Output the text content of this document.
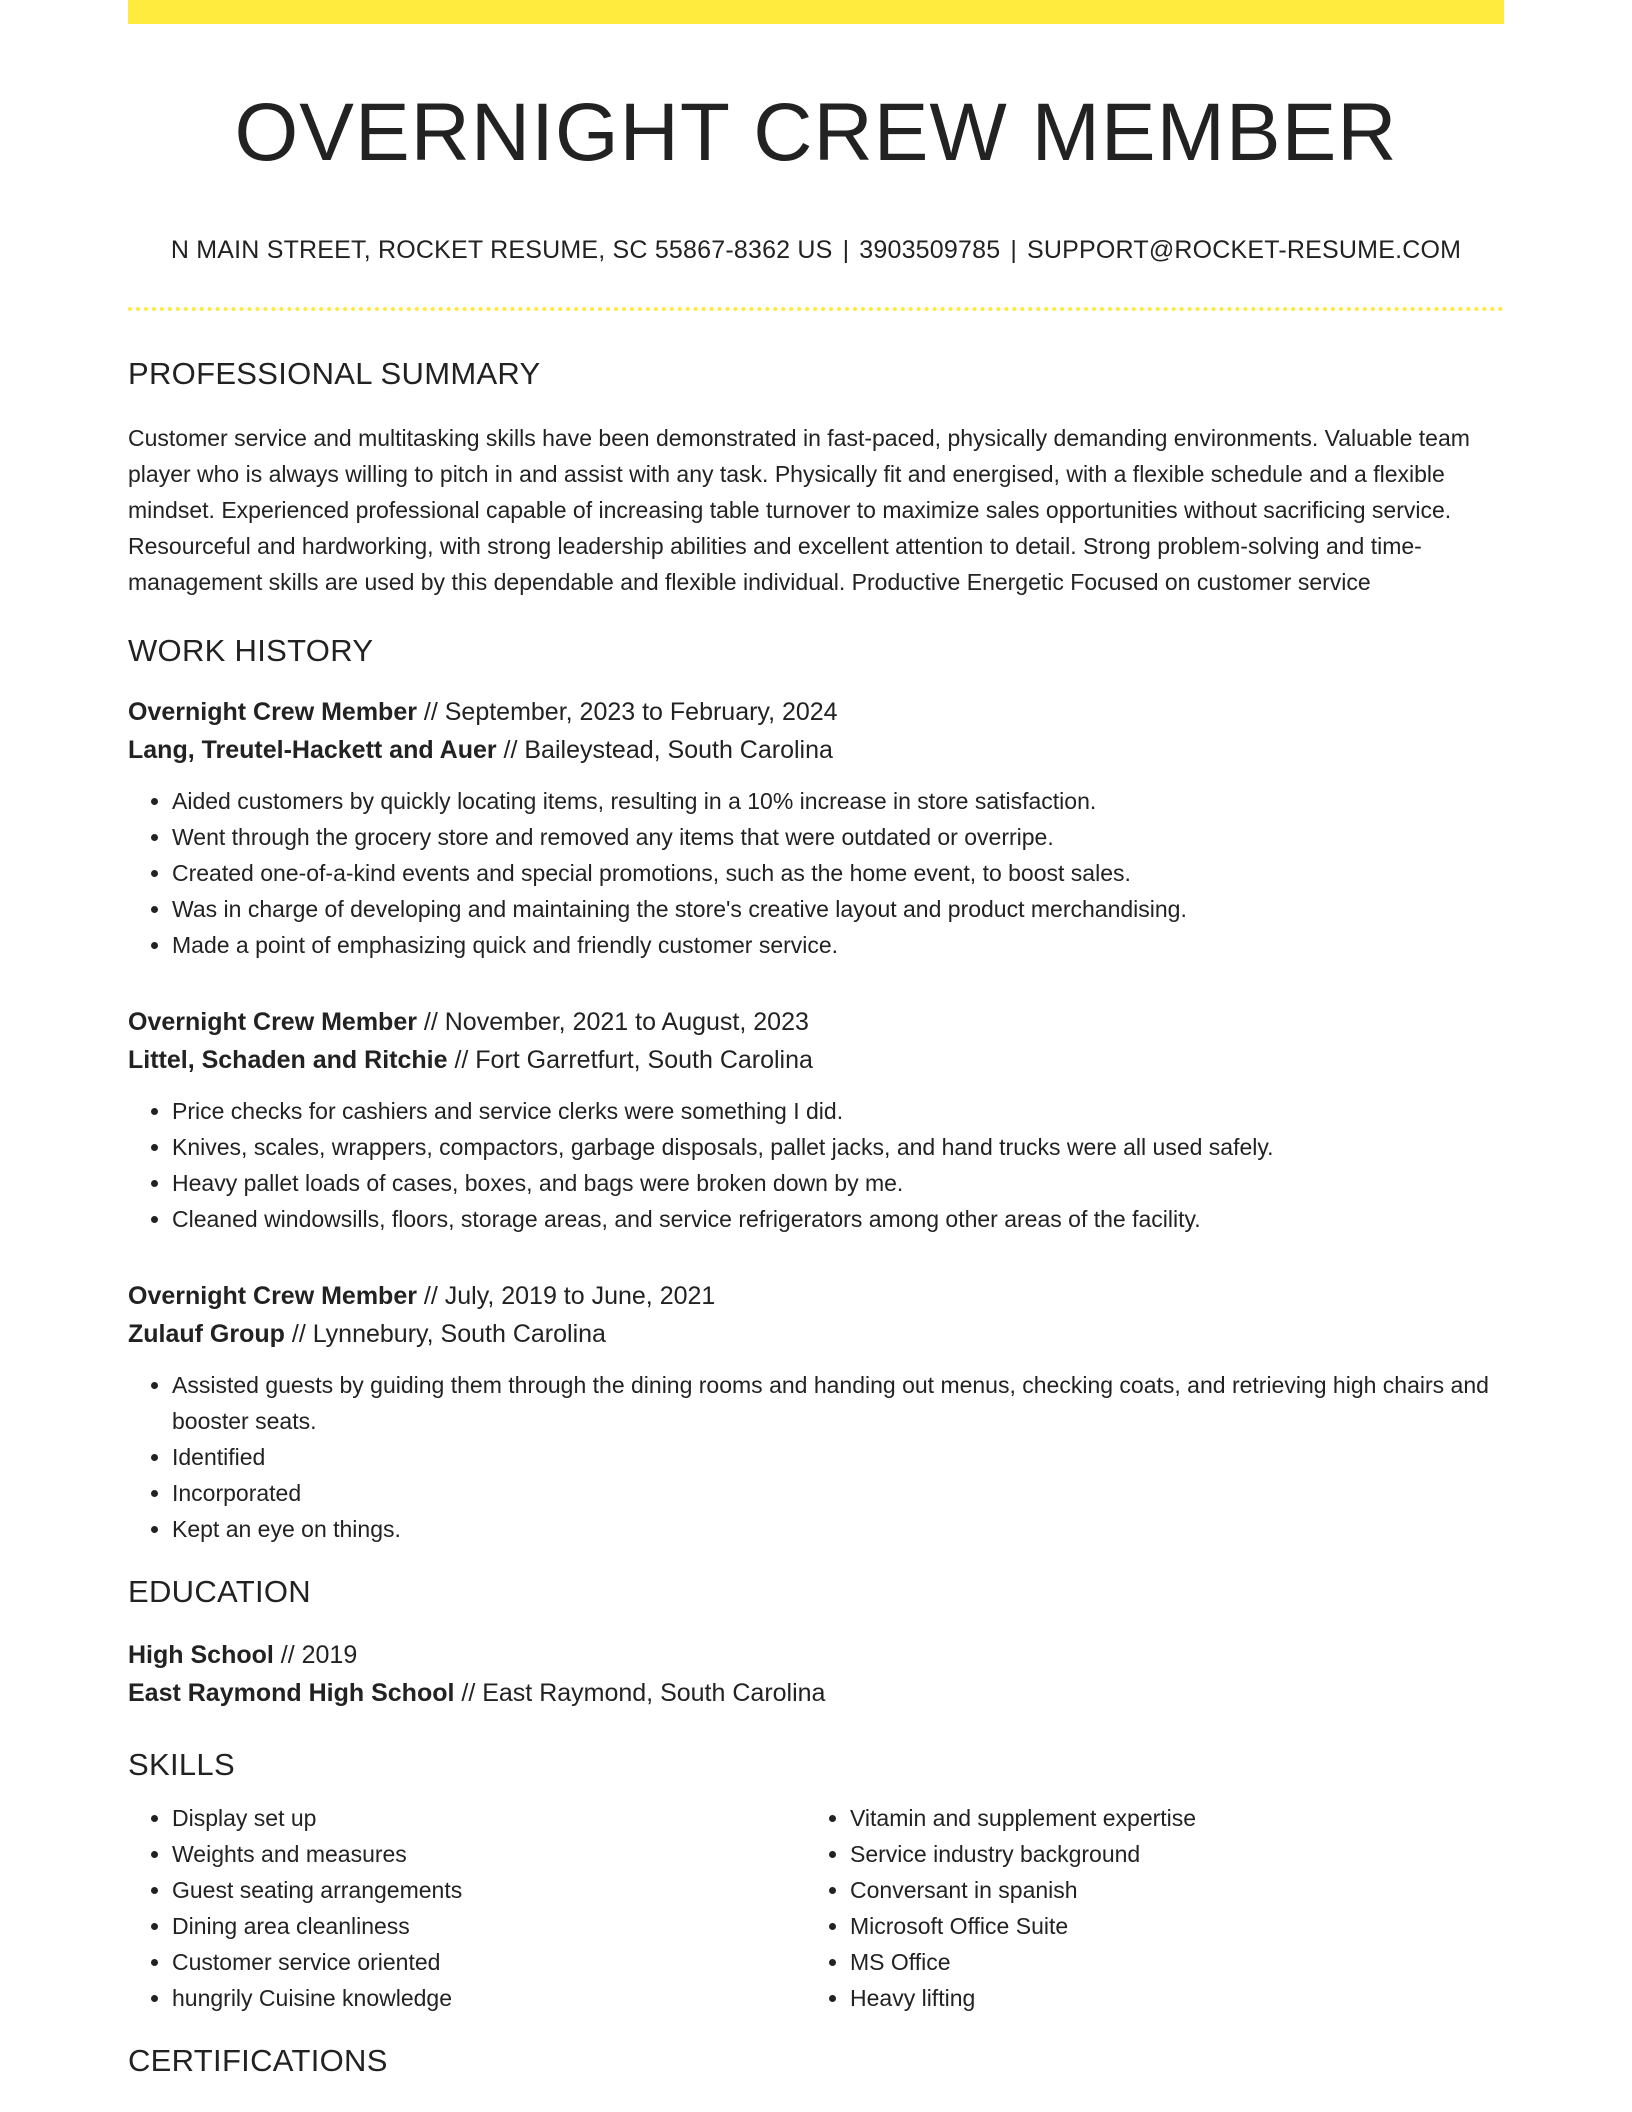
OVERNIGHT CREW MEMBER
N MAIN STREET, ROCKET RESUME, SC 55867-8362 US | 3903509785 | SUPPORT@ROCKET-RESUME.COM
PROFESSIONAL SUMMARY
Customer service and multitasking skills have been demonstrated in fast-paced, physically demanding environments. Valuable team player who is always willing to pitch in and assist with any task. Physically fit and energised, with a flexible schedule and a flexible mindset. Experienced professional capable of increasing table turnover to maximize sales opportunities without sacrificing service. Resourceful and hardworking, with strong leadership abilities and excellent attention to detail. Strong problem-solving and time-management skills are used by this dependable and flexible individual. Productive Energetic Focused on customer service
WORK HISTORY
Overnight Crew Member // September, 2023 to February, 2024
Lang, Treutel-Hackett and Auer // Baileystead, South Carolina
• Aided customers by quickly locating items, resulting in a 10% increase in store satisfaction.
• Went through the grocery store and removed any items that were outdated or overripe.
• Created one-of-a-kind events and special promotions, such as the home event, to boost sales.
• Was in charge of developing and maintaining the store's creative layout and product merchandising.
• Made a point of emphasizing quick and friendly customer service.
Overnight Crew Member // November, 2021 to August, 2023
Littel, Schaden and Ritchie // Fort Garretfurt, South Carolina
• Price checks for cashiers and service clerks were something I did.
• Knives, scales, wrappers, compactors, garbage disposals, pallet jacks, and hand trucks were all used safely.
• Heavy pallet loads of cases, boxes, and bags were broken down by me.
• Cleaned windowsills, floors, storage areas, and service refrigerators among other areas of the facility.
Overnight Crew Member // July, 2019 to June, 2021
Zulauf Group // Lynnebury, South Carolina
• Assisted guests by guiding them through the dining rooms and handing out menus, checking coats, and retrieving high chairs and booster seats.
• Identified
• Incorporated
• Kept an eye on things.
EDUCATION
High School // 2019
East Raymond High School // East Raymond, South Carolina
SKILLS
• Display set up
• Weights and measures
• Guest seating arrangements
• Dining area cleanliness
• Customer service oriented
• hungrily Cuisine knowledge
• Vitamin and supplement expertise
• Service industry background
• Conversant in spanish
• Microsoft Office Suite
• MS Office
• Heavy lifting
CERTIFICATIONS
